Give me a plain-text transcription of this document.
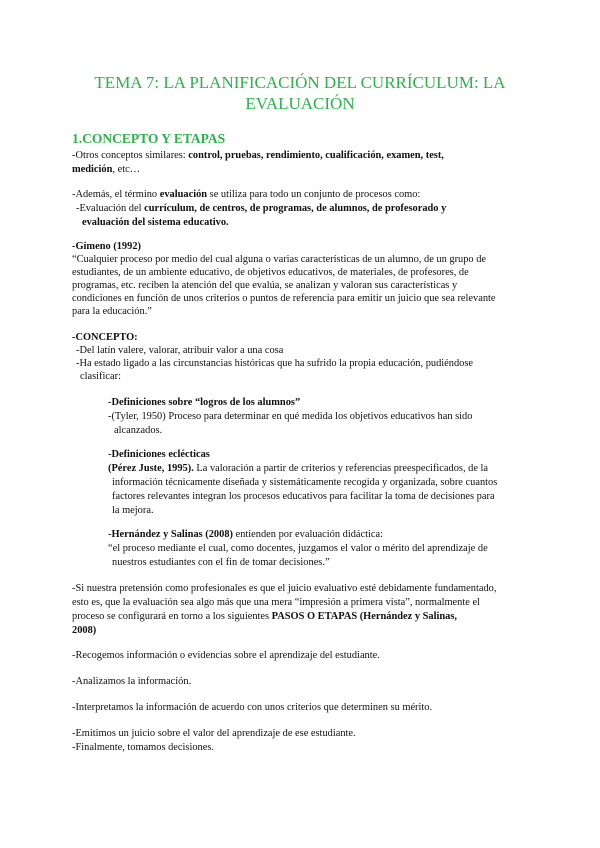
TEMA 7: LA PLANIFICACIÓN DEL CURRÍCULUM: LA
EVALUACIÓN
1.CONCEPTO Y ETAPAS
-Otros conceptos similares: control, pruebas, rendimiento, cualificación, examen, test,
medición, etc…
-Además, el término evaluación se utiliza para todo un conjunto de procesos como:
-Evaluación del currículum, de centros, de programas, de alumnos, de profesorado y
evaluación del sistema educativo.
-Gimeno (1992)
“Cualquier proceso por medio del cual alguna o varias características de un alumno, de un grupo de
estudiantes, de un ambiente educativo, de objetivos educativos, de materiales, de profesores, de
programas, etc. reciben la atención del que evalúa, se analizan y valoran sus características y
condiciones en función de unos criterios o puntos de referencia para emitir un juicio que sea relevante
para la educación.”
-CONCEPTO:
-Del latín valere, valorar, atribuir valor a una cosa
-Ha estado ligado a las circunstancias históricas que ha sufrido la propia educación, pudiéndose
clasificar:
-Definiciones sobre “logros de los alumnos”
-(Tyler, 1950) Proceso para determinar en qué medida los objetivos educativos han sido
alcanzados.
-Definiciones eclécticas
(Pérez Juste, 1995). La valoración a partir de criterios y referencias preespecificados, de la
información técnicamente diseñada y sistemáticamente recogida y organizada, sobre cuantos
factores relevantes integran los procesos educativos para facilitar la toma de decisiones para
la mejora.
-Hernández y Salinas (2008) entienden por evaluación didáctica:
“el proceso mediante el cual, como docentes, juzgamos el valor o mérito del aprendizaje de
nuestros estudiantes con el fin de tomar decisiones.”
-Si nuestra pretensión como profesionales es que el juicio evaluativo esté debidamente fundamentado,
esto es, que la evaluación sea algo más que una mera “impresión a primera vista”, normalmente el
proceso se configurará en torno a los siguientes PASOS O ETAPAS (Hernández y Salinas,
2008)
-Recogemos información o evidencias sobre el aprendizaje del estudiante.
-Analizamos la información.
-Interpretamos la información de acuerdo con unos criterios que determinen su mérito.
-Emitimos un juicio sobre el valor del aprendizaje de ese estudiante.
-Finalmente, tomamos decisiones.
